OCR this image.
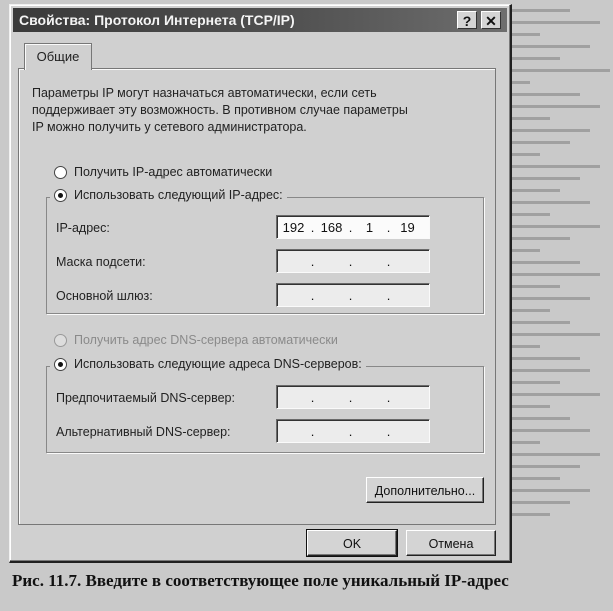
Свойства: Протокол Интернета (TCP/IP)	? ✕
Общие
Параметры IP могут назначаться автоматически, если сеть
поддерживает эту возможность. В противном случае параметры
IP можно получить у сетевого администратора.
Получить IP-адрес автоматически
Использовать следующий IP-адрес:
IP-адрес:	192 . 168 .	1	. 19
Маска подсети:	.	.	.
Основной шлюз:	.	.	.
Получить адрес DNS-сервера автоматически
Использовать следующие адреса DNS-серверов:
Предпочитаемый DNS-сервер:	.	.	.
Альтернативный DNS-сервер:	.	.	.
Дополнительно...
OK	Отмена
Рис. 11.7. Введите в соответствующее поле уникальный IP-адрес
